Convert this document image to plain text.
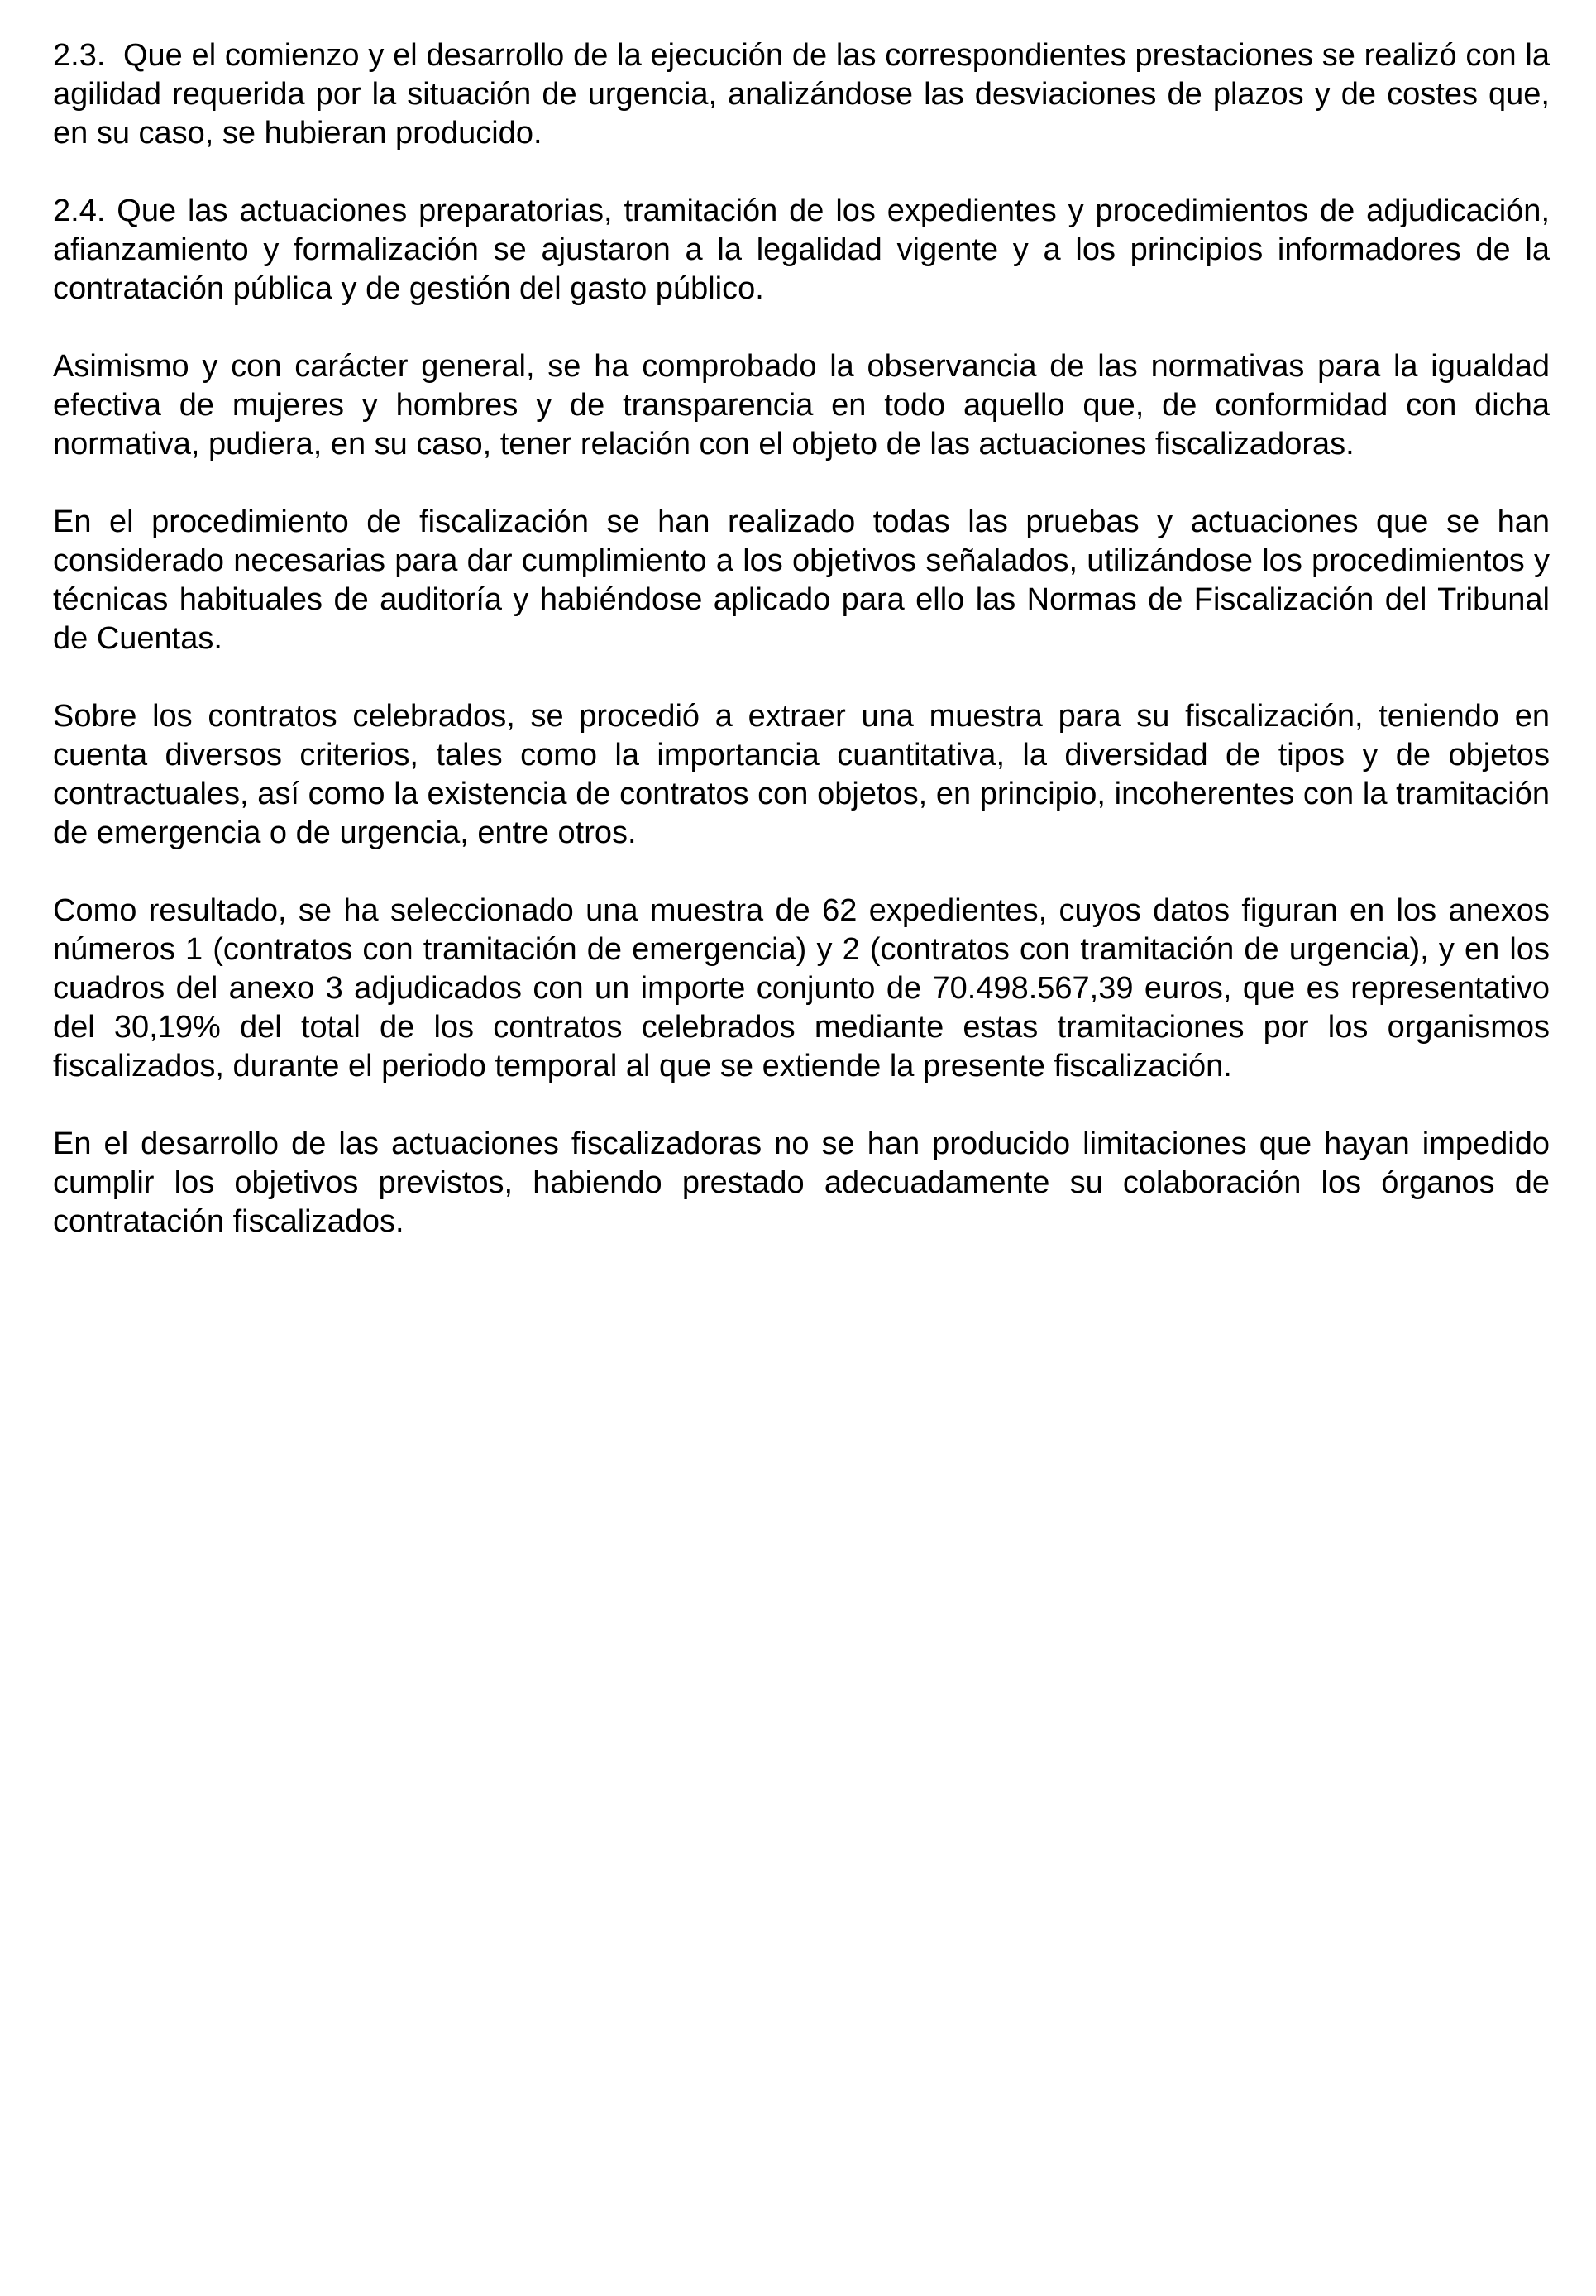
2.3. Que el comienzo y el desarrollo de la ejecución de las correspondientes prestaciones se realizó con la agilidad requerida por la situación de urgencia, analizándose las desviaciones de plazos y de costes que, en su caso, se hubieran producido.

2.4. Que las actuaciones preparatorias, tramitación de los expedientes y procedimientos de adjudicación, afianzamiento y formalización se ajustaron a la legalidad vigente y a los principios informadores de la contratación pública y de gestión del gasto público.

Asimismo y con carácter general, se ha comprobado la observancia de las normativas para la igualdad efectiva de mujeres y hombres y de transparencia en todo aquello que, de conformidad con dicha normativa, pudiera, en su caso, tener relación con el objeto de las actuaciones fiscalizadoras.

En el procedimiento de fiscalización se han realizado todas las pruebas y actuaciones que se han considerado necesarias para dar cumplimiento a los objetivos señalados, utilizándose los procedimientos y técnicas habituales de auditoría y habiéndose aplicado para ello las Normas de Fiscalización del Tribunal de Cuentas.

Sobre los contratos celebrados, se procedió a extraer una muestra para su fiscalización, teniendo en cuenta diversos criterios, tales como la importancia cuantitativa, la diversidad de tipos y de objetos contractuales, así como la existencia de contratos con objetos, en principio, incoherentes con la tramitación de emergencia o de urgencia, entre otros.

Como resultado, se ha seleccionado una muestra de 62 expedientes, cuyos datos figuran en los anexos números 1 (contratos con tramitación de emergencia) y 2 (contratos con tramitación de urgencia), y en los cuadros del anexo 3 adjudicados con un importe conjunto de 70.498.567,39 euros, que es representativo del 30,19% del total de los contratos celebrados mediante estas tramitaciones por los organismos fiscalizados, durante el periodo temporal al que se extiende la presente fiscalización.

En el desarrollo de las actuaciones fiscalizadoras no se han producido limitaciones que hayan impedido cumplir los objetivos previstos, habiendo prestado adecuadamente su colaboración los órganos de contratación fiscalizados.
